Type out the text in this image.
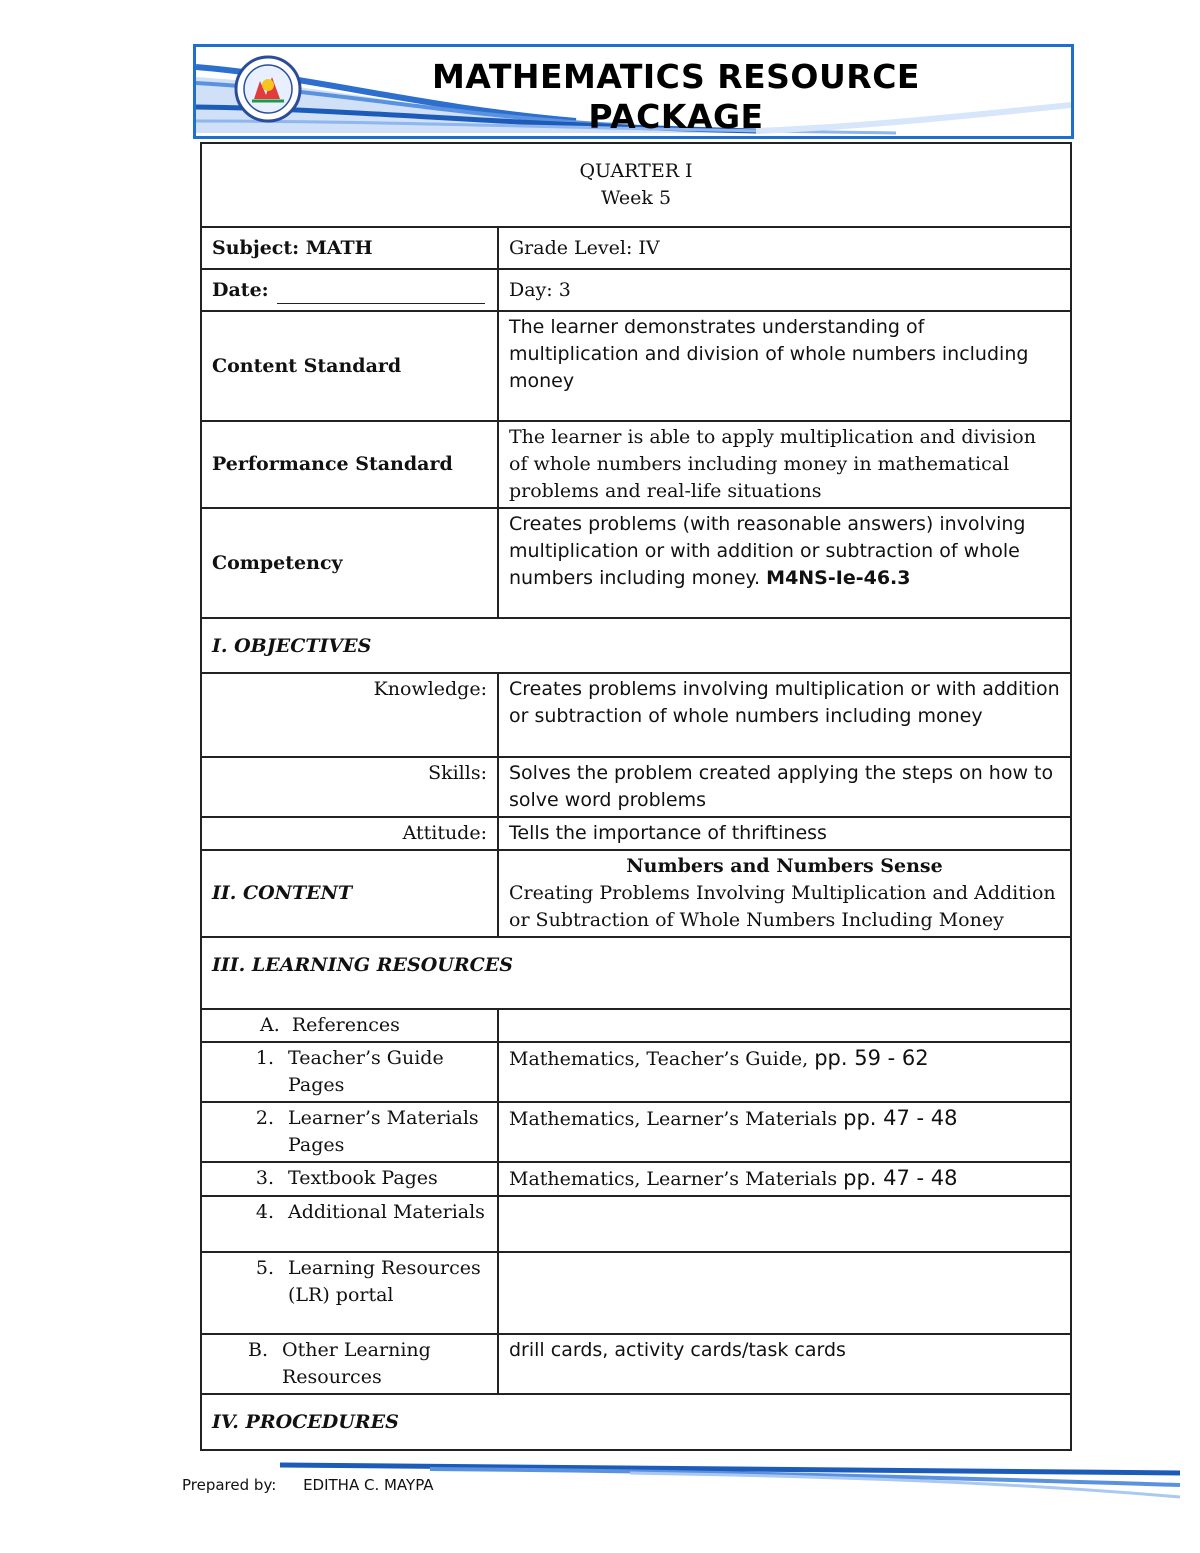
MATHEMATICS RESOURCE PACKAGE
QUARTER I
Week 5	

Subject: MATH	Grade Level: IV
Date:	Day: 3
Content Standard	The learner demonstrates understanding of multiplication and division of whole numbers including money
Performance Standard	The learner is able to apply multiplication and division of whole numbers including money in mathematical problems and real-life situations
Competency	Creates problems (with reasonable answers) involving multiplication or with addition or subtraction of whole numbers including money. M4NS-Ie-46.3
I. OBJECTIVES	
Knowledge:	Creates problems involving multiplication or with addition or subtraction of whole numbers including money
Skills:	Solves the problem created applying the steps on how to solve word problems
Attitude:	Tells the importance of thriftiness
II. CONTENT	Numbers and Numbers Sense
Creating Problems Involving Multiplication and Addition or Subtraction of Whole Numbers Including Money

III. LEARNING RESOURCES	
A. References	

1. Teacher’s Guide Pages	Mathematics, Teacher’s Guide, pp. 59 - 62

2. Learner’s Materials Pages	Mathematics, Learner’s Materials pp. 47 - 48

3. Textbook Pages	Mathematics, Learner’s Materials pp. 47 - 48

4. Additional Materials	

5. Learning Resources (LR) portal	

B. Other Learning Resources	drill cards, activity cards/task cards
IV. PROCEDURES	
Prepared by: EDITHA C. MAYPA
